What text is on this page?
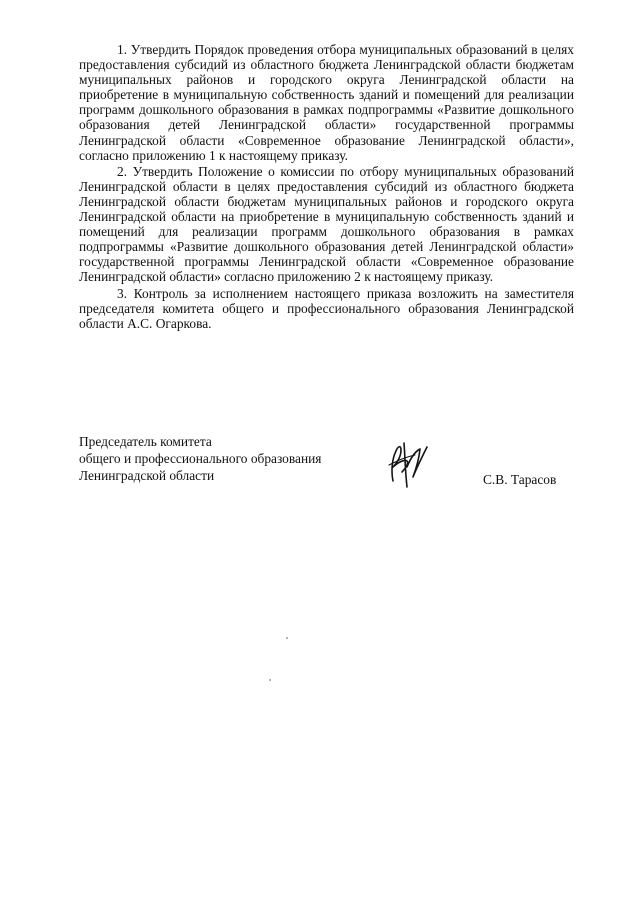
1. Утвердить Порядок проведения отбора муниципальных образований в целях предоставления субсидий из областного бюджета Ленинградской области бюджетам муниципальных районов и городского округа Ленинградской области на приобретение в муниципальную собственность зданий и помещений для реализации программ дошкольного образования в рамках подпрограммы «Развитие дошкольного образования детей Ленинградской области» государственной программы Ленинградской области «Современное образование Ленинградской области», согласно приложению 1 к настоящему приказу.

2. Утвердить Положение о комиссии по отбору муниципальных образований Ленинградской области в целях предоставления субсидий из областного бюджета Ленинградской области бюджетам муниципальных районов и городского округа Ленинградской области на приобретение в муниципальную собственность зданий и помещений для реализации программ дошкольного образования в рамках подпрограммы «Развитие дошкольного образования детей Ленинградской области» государственной программы Ленинградской области «Современное образование Ленинградской области» согласно приложению 2 к настоящему приказу.

3. Контроль за исполнением настоящего приказа возложить на заместителя председателя комитета общего и профессионального образования Ленинградской области А.С. Огаркова.

Председатель комитета
общего и профессионального образования
Ленинградской области	С.В. Тарасов
